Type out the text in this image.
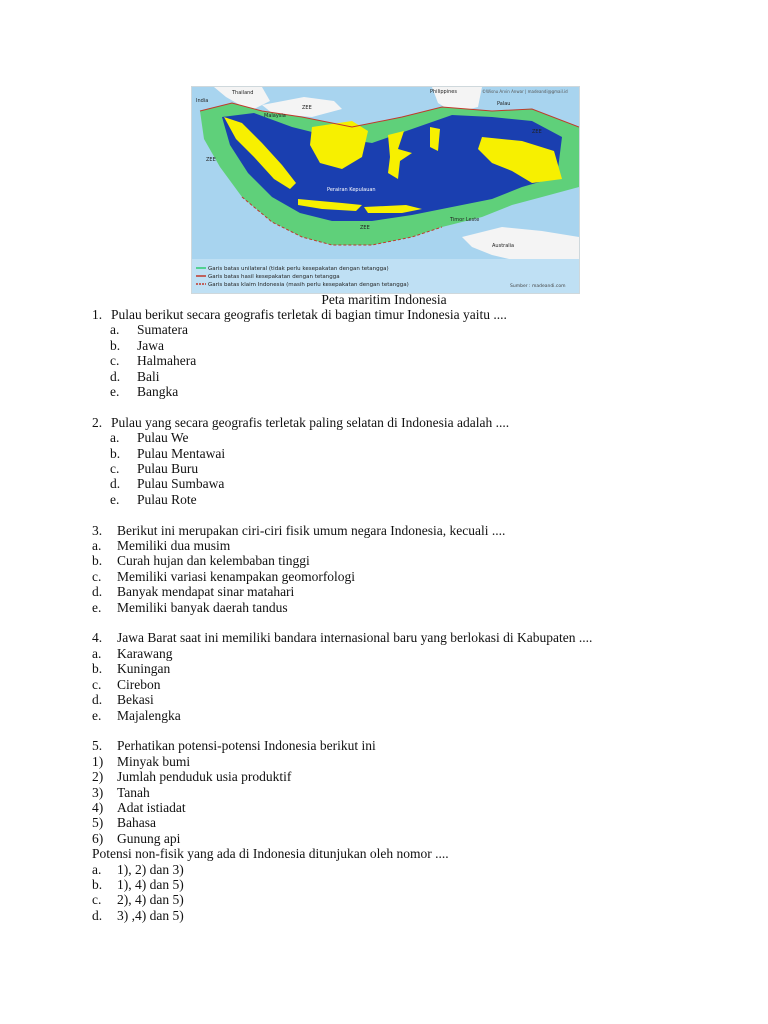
Thailand
India
Malaysia
Philippines
Palau
©Wisnu Arvin Anwar | madeandi@gmail.id
ZEE
ZEE
ZEE
ZEE
Perairan Kepulauan
Timor Leste
Australia
Garis batas unilateral (tidak perlu kesepakatan dengan tetangga)
Garis batas hasil kesepakatan dengan tetangga
Garis batas klaim Indonesia (masih perlu kesepakatan dengan tetangga)	Sumber : madeandi.com
Peta maritim Indonesia
1. Pulau berikut secara geografis terletak di bagian timur Indonesia yaitu ....
a.	Sumatera
b.	Jawa
c.	Halmahera
d.	Bali
e.	Bangka
2. Pulau yang secara geografis terletak paling selatan di Indonesia adalah ....
a.	Pulau We
b.	Pulau Mentawai
c.	Pulau Buru
d.	Pulau Sumbawa
e.	Pulau Rote
3.	Berikut ini merupakan ciri-ciri fisik umum negara Indonesia, kecuali ....
a.	Memiliki dua musim
b.	Curah hujan dan kelembaban tinggi
c.	Memiliki variasi kenampakan geomorfologi
d.	Banyak mendapat sinar matahari
e.	Memiliki banyak daerah tandus
4.	Jawa Barat saat ini memiliki bandara internasional baru yang berlokasi di Kabupaten ....
a.	Karawang
b.	Kuningan
c.	Cirebon
d.	Bekasi
e.	Majalengka
5.	Perhatikan potensi-potensi Indonesia berikut ini
1)	Minyak bumi
2)	Jumlah penduduk usia produktif
3)	Tanah
4)	Adat istiadat
5)	Bahasa
6)	Gunung api
Potensi non-fisik yang ada di Indonesia ditunjukan oleh nomor ....
a.	1), 2) dan 3)
b.	1), 4) dan 5)
c.	2), 4) dan 5)
d.	3) ,4) dan 5)
